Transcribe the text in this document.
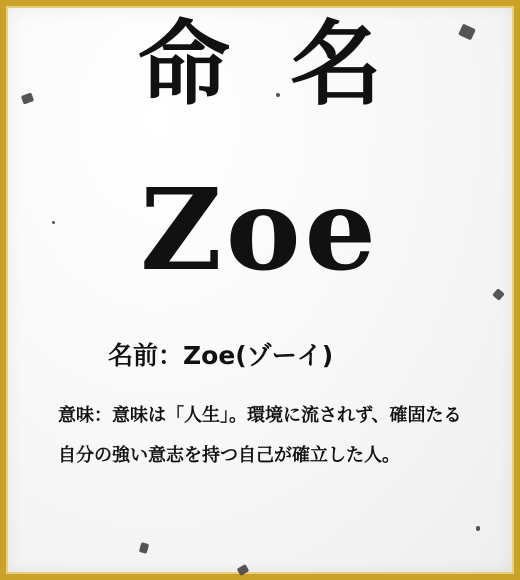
命名
Zoe
名前：Zoe(ゾーイ)
意味：意味は「人生」。環境に流されず、確固たる自分の強い意志を持つ自己が確立した人。
